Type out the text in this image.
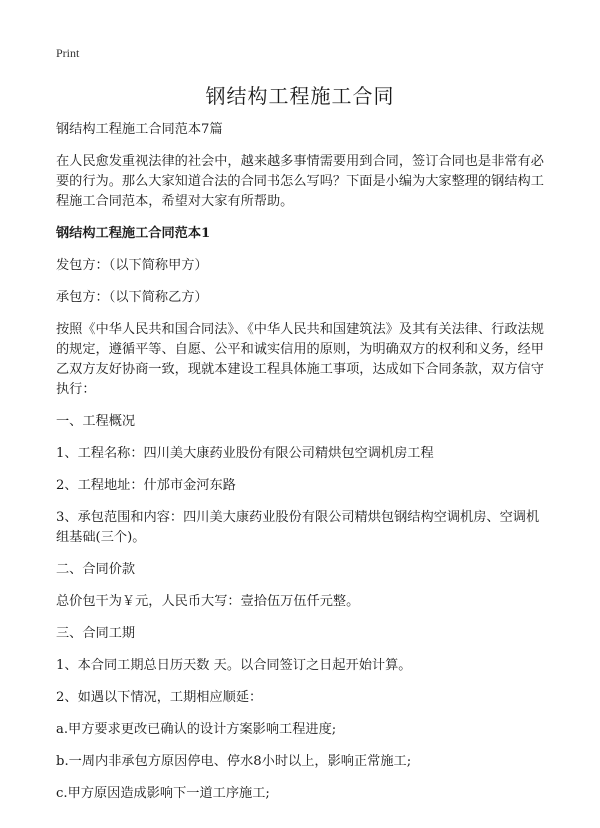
Print
钢结构工程施工合同

钢结构工程施工合同范本7篇

在人民愈发重视法律的社会中，越来越多事情需要用到合同，签订合同也是非常有必要的行为。那么大家知道合法的合同书怎么写吗？下面是小编为大家整理的钢结构工程施工合同范本，希望对大家有所帮助。

钢结构工程施工合同范本1

发包方：（以下简称甲方）

承包方：（以下简称乙方）

按照《中华人民共和国合同法》、《中华人民共和国建筑法》及其有关法律、行政法规的规定，遵循平等、自愿、公平和诚实信用的原则，为明确双方的权利和义务，经甲乙双方友好协商一致，现就本建设工程具体施工事项，达成如下合同条款，双方信守执行：

一、工程概况

1、工程名称：四川美大康药业股份有限公司精烘包空调机房工程

2、工程地址：什邡市金河东路

3、承包范围和内容：四川美大康药业股份有限公司精烘包钢结构空调机房、空调机组基础(三个)。

二、合同价款

总价包干为￥元，人民币大写：壹拾伍万伍仟元整。

三、合同工期

1、本合同工期总日历天数 天。以合同签订之日起开始计算。

2、如遇以下情况，工期相应顺延：

a.甲方要求更改已确认的设计方案影响工程进度;

b.一周内非承包方原因停电、停水8小时以上，影响正常施工;

c.甲方原因造成影响下一道工序施工;
